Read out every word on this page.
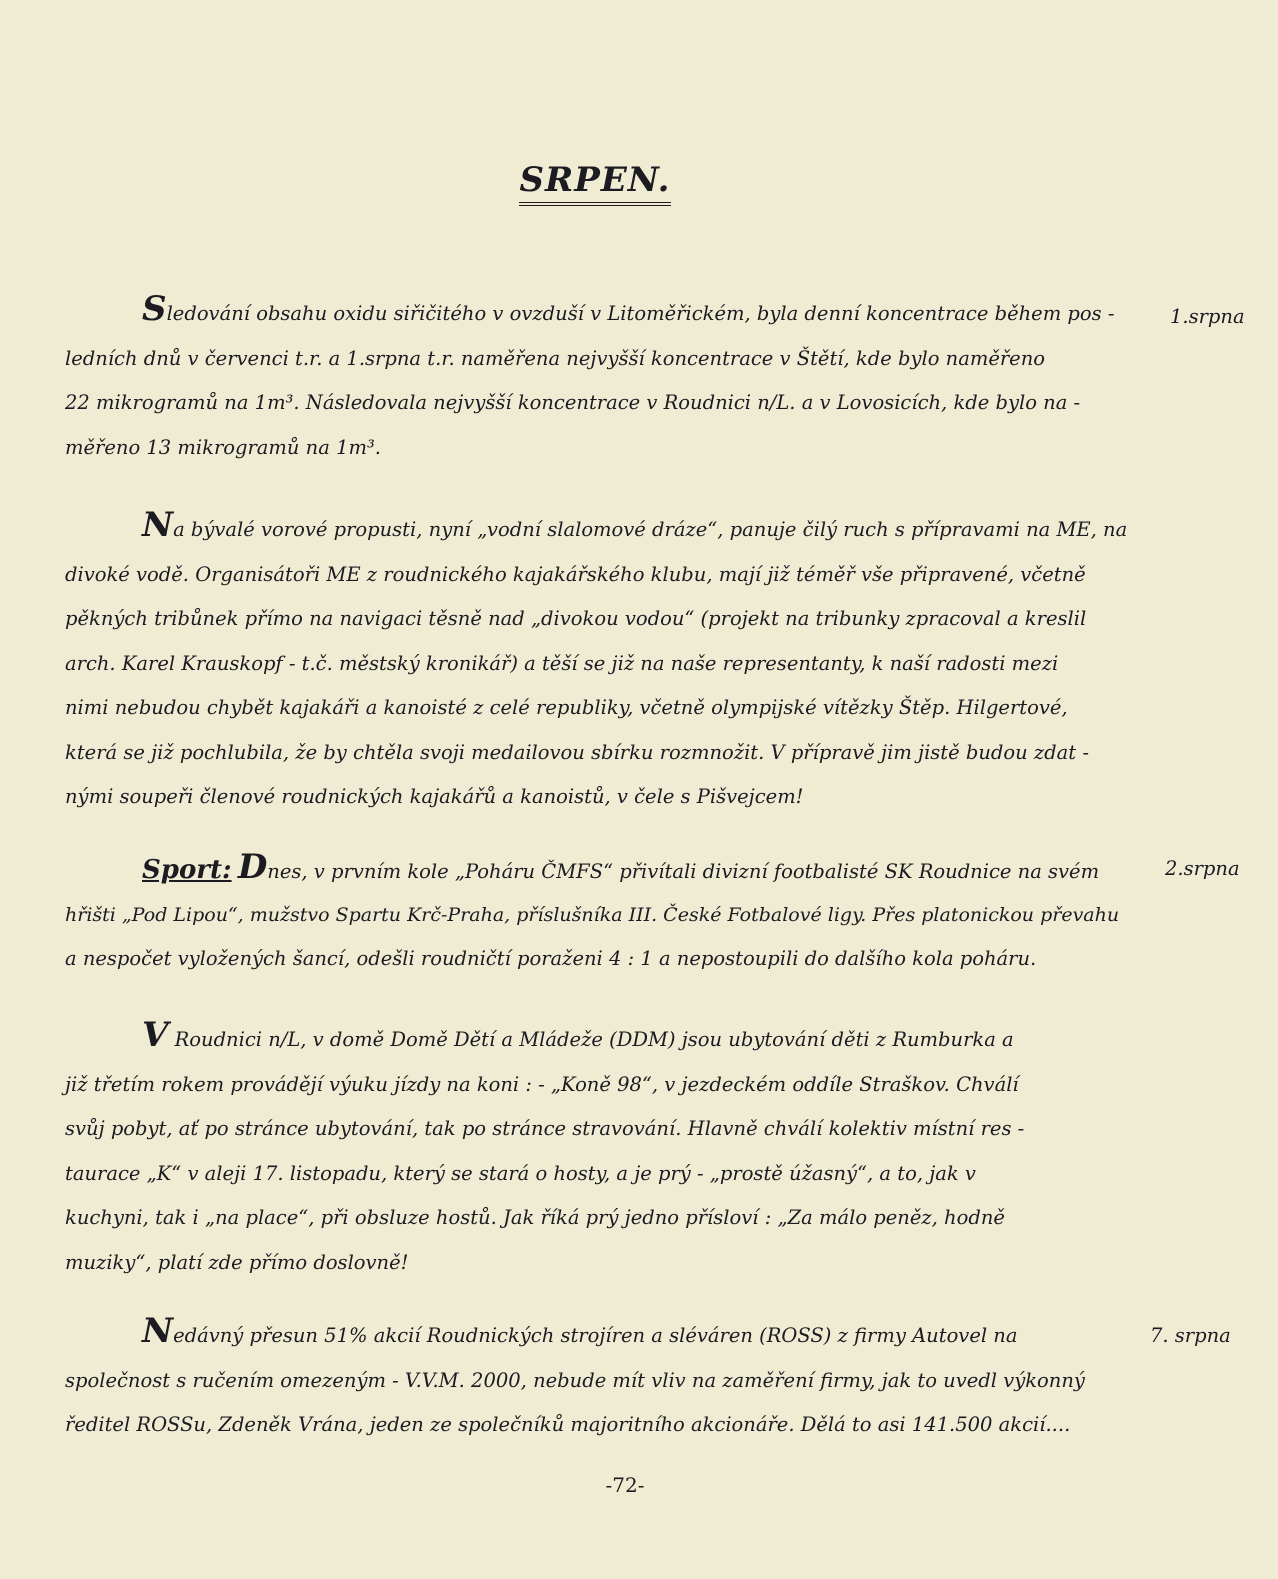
SRPEN.
Sledování obsahu oxidu siřičitého v ovzduší v Litoměřickém, byla denní koncentrace během pos -
ledních dnů v červenci t.r. a 1.srpna t.r. naměřena nejvyšší koncentrace v Štětí, kde bylo naměřeno
22 mikrogramů na 1m³. Následovala nejvyšší koncentrace v Roudnici n/L. a v Lovosicích, kde bylo na -
měřeno 13 mikrogramů na 1m³.
1.srpna
Na bývalé vorové propusti, nyní „vodní slalomové dráze“, panuje čilý ruch s přípravami na ME, na
divoké vodě. Organisátoři ME z roudnického kajakářského klubu, mají již téměř vše připravené, včetně
pěkných tribůnek přímo na navigaci těsně nad „divokou vodou“ (projekt na tribunky zpracoval a kreslil
arch. Karel Krauskopf - t.č. městský kronikář) a těší se již na naše representanty, k naší radosti mezi
nimi nebudou chybět kajakáři a kanoisté z celé republiky, včetně olympijské vítězky Štěp. Hilgertové,
která se již pochlubila, že by chtěla svoji medailovou sbírku rozmnožit. V přípravě jim jistě budou zdat -
nými soupeři členové roudnických kajakářů a kanoistů, v čele s Pišvejcem!
Sport: Dnes, v prvním kole „Poháru ČMFS“ přivítali divizní footbalisté SK Roudnice na svém
hřišti „Pod Lipou“, mužstvo Spartu Krč-Praha, příslušníka III. České Fotbalové ligy. Přes platonickou převahu
a nespočet vyložených šancí, odešli roudničtí poraženi 4 : 1 a nepostoupili do dalšího kola poháru.
2.srpna
V Roudnici n/L, v domě Domě Dětí a Mládeže (DDM) jsou ubytování děti z Rumburka a
již třetím rokem provádějí výuku jízdy na koni : - „Koně 98“, v jezdeckém oddíle Straškov. Chválí
svůj pobyt, ať po stránce ubytování, tak po stránce stravování. Hlavně chválí kolektiv místní res -
taurace „K“ v aleji 17. listopadu, který se stará o hosty, a je prý - „prostě úžasný“, a to, jak v
kuchyni, tak i „na place“, při obsluze hostů. Jak říká prý jedno přísloví : „Za málo peněz, hodně
muziky“, platí zde přímo doslovně!
Nedávný přesun 51% akcií Roudnických strojíren a sléváren (ROSS) z firmy Autovel na
společnost s ručením omezeným - V.V.M. 2000, nebude mít vliv na zaměření firmy, jak to uvedl výkonný
ředitel ROSSu, Zdeněk Vrána, jeden ze společníků majoritního akcionáře. Dělá to asi 141.500 akcií....
7. srpna
-72-
